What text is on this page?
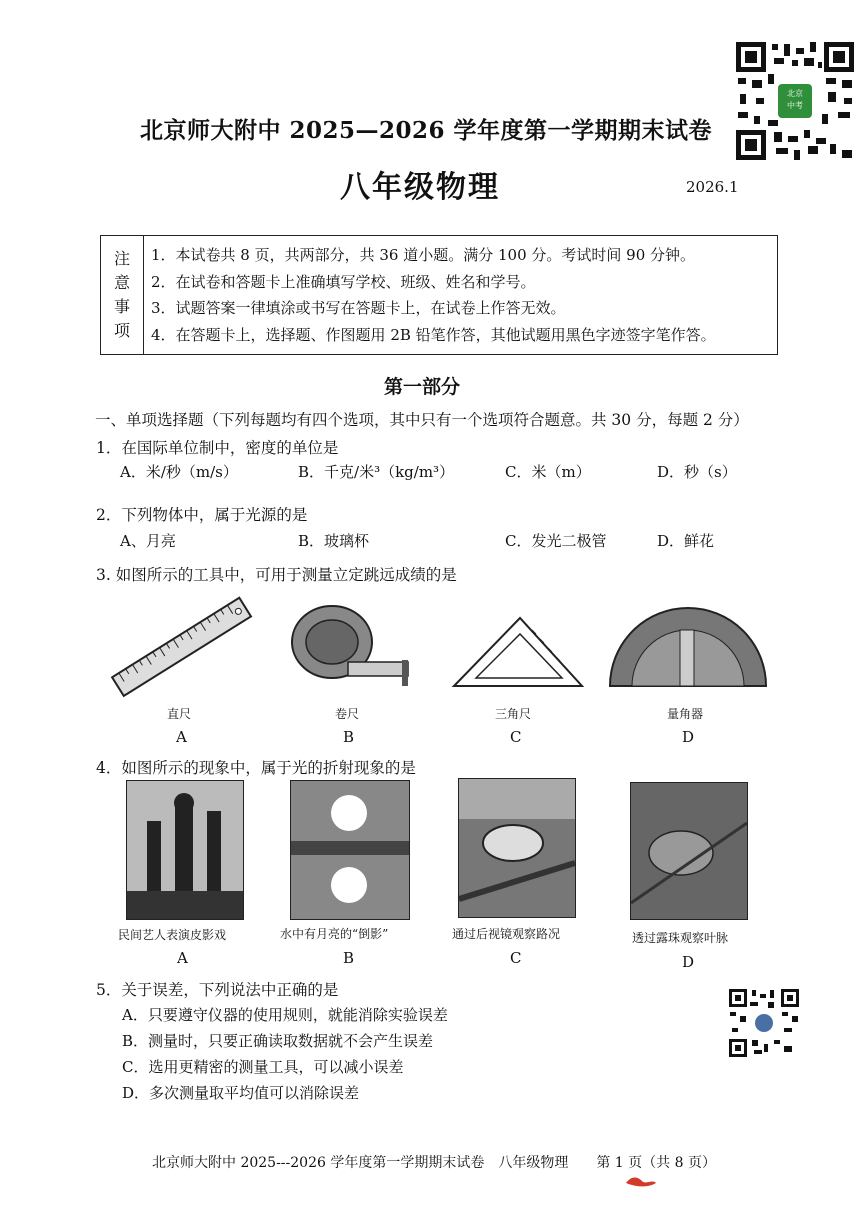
北京师大附中 2025—2026 学年度第一学期期末试卷
八年级物理	2026.1
北京
中考
注
意
事
项
1．本试卷共 8 页，共两部分，共 36 道小题。满分 100 分。考试时间 90 分钟。
2．在试卷和答题卡上准确填写学校、班级、姓名和学号。
3．试题答案一律填涂或书写在答题卡上，在试卷上作答无效。
4．在答题卡上，选择题、作图题用 2B 铅笔作答，其他试题用黑色字迹签字笔作答。
第一部分
一、单项选择题（下列每题均有四个选项，其中只有一个选项符合题意。共 30 分，每题 2 分）
1．在国际单位制中，密度的单位是
A．米/秒（m/s）	B．千克/米³（kg/m³）	C．米（m）	D．秒（s）
2．下列物体中，属于光源的是
A、月亮	B．玻璃杯	C．发光二极管	D．鲜花
3. 如图所示的工具中，可用于测量立定跳远成绩的是
直尺	卷尺	三角尺	量角器
A	B	C	D
4．如图所示的现象中，属于光的折射现象的是
民间艺人表演皮影戏	水中有月亮的“倒影”	通过后视镜观察路况	透过露珠观察叶脉
A	B	C	D
5．关于误差，下列说法中正确的是
A．只要遵守仪器的使用规则，就能消除实验误差
B．测量时，只要正确读取数据就不会产生误差
C．选用更精密的测量工具，可以减小误差
D．多次测量取平均值可以消除误差
北京师大附中 2025---2026 学年度第一学期期末试卷　八年级物理　　第 1 页（共 8 页）
